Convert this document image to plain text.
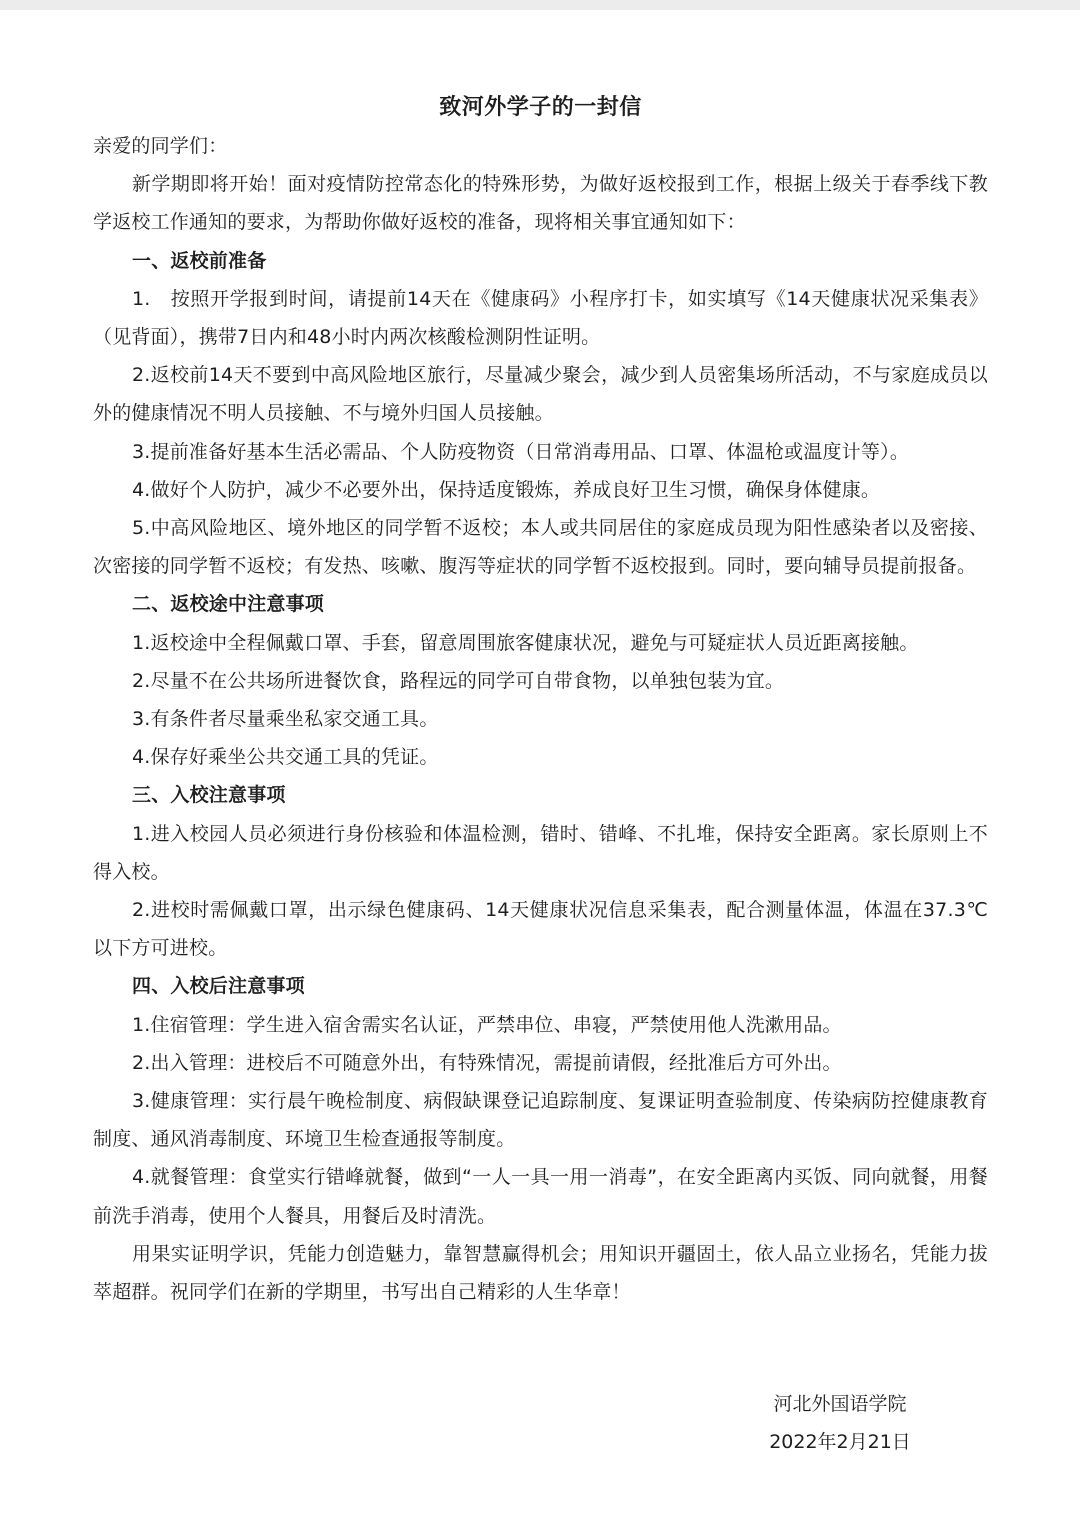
致河外学子的一封信

亲爱的同学们：

新学期即将开始！面对疫情防控常态化的特殊形势，为做好返校报到工作，根据上级关于春季线下教学返校工作通知的要求，为帮助你做好返校的准备，现将相关事宜通知如下：

一、返校前准备

1.　按照开学报到时间，请提前14天在《健康码》小程序打卡，如实填写《14天健康状况采集表》（见背面），携带7日内和48小时内两次核酸检测阴性证明。

2.返校前14天不要到中高风险地区旅行，尽量减少聚会，减少到人员密集场所活动，不与家庭成员以外的健康情况不明人员接触、不与境外归国人员接触。

3.提前准备好基本生活必需品、个人防疫物资（日常消毒用品、口罩、体温枪或温度计等）。

4.做好个人防护，减少不必要外出，保持适度锻炼，养成良好卫生习惯，确保身体健康。

5.中高风险地区、境外地区的同学暂不返校；本人或共同居住的家庭成员现为阳性感染者以及密接、次密接的同学暂不返校；有发热、咳嗽、腹泻等症状的同学暂不返校报到。同时，要向辅导员提前报备。

二、返校途中注意事项

1.返校途中全程佩戴口罩、手套，留意周围旅客健康状况，避免与可疑症状人员近距离接触。

2.尽量不在公共场所进餐饮食，路程远的同学可自带食物，以单独包装为宜。

3.有条件者尽量乘坐私家交通工具。

4.保存好乘坐公共交通工具的凭证。

三、入校注意事项

1.进入校园人员必须进行身份核验和体温检测，错时、错峰、不扎堆，保持安全距离。家长原则上不得入校。

2.进校时需佩戴口罩，出示绿色健康码、14天健康状况信息采集表，配合测量体温，体温在37.3℃以下方可进校。

四、入校后注意事项

1.住宿管理：学生进入宿舍需实名认证，严禁串位、串寝，严禁使用他人洗漱用品。

2.出入管理：进校后不可随意外出，有特殊情况，需提前请假，经批准后方可外出。

3.健康管理：实行晨午晚检制度、病假缺课登记追踪制度、复课证明查验制度、传染病防控健康教育制度、通风消毒制度、环境卫生检查通报等制度。

4.就餐管理：食堂实行错峰就餐，做到“一人一具一用一消毒”，在安全距离内买饭、同向就餐，用餐前洗手消毒，使用个人餐具，用餐后及时清洗。

用果实证明学识，凭能力创造魅力，靠智慧赢得机会；用知识开疆固土，依人品立业扬名，凭能力拔萃超群。祝同学们在新的学期里，书写出自己精彩的人生华章！

河北外国语学院
2022年2月21日
